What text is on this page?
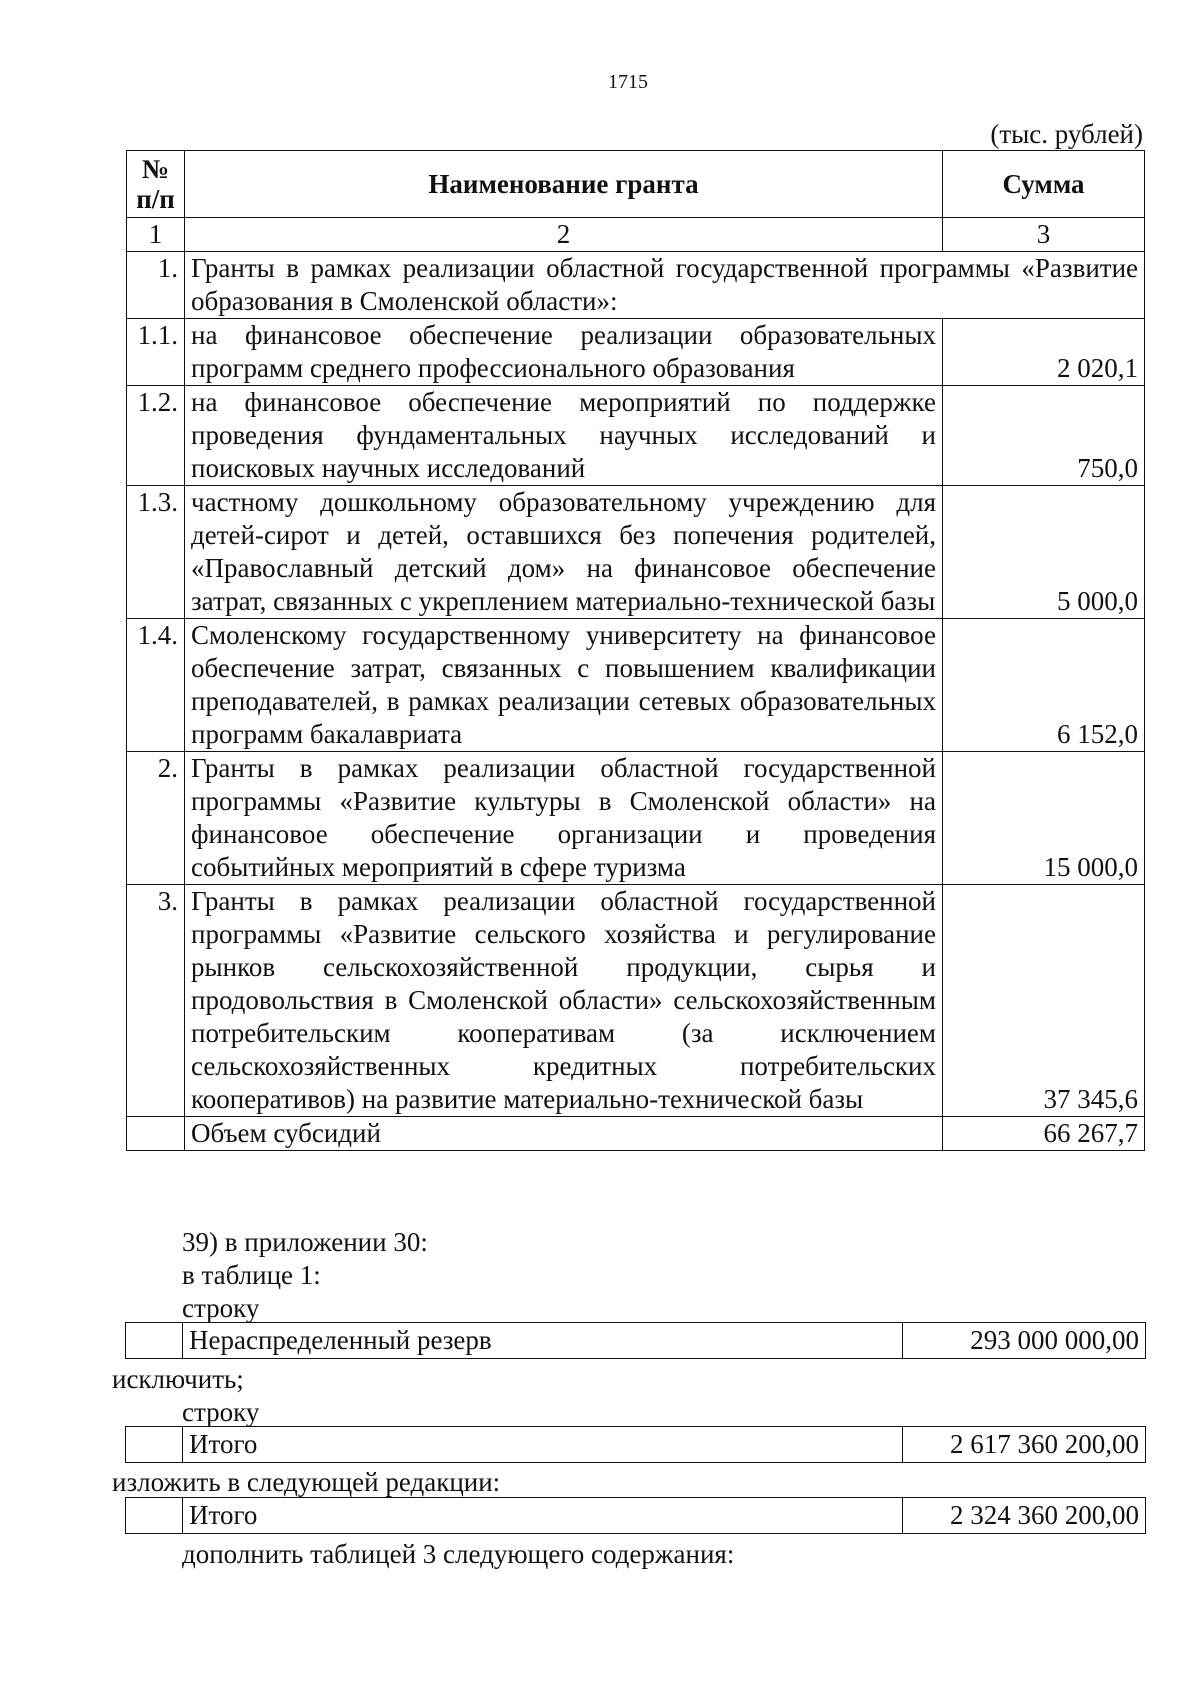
1715
(тыс. рублей)
№ п/п	Наименование гранта	Сумма
1	2	3
1.	Гранты в рамках реализации областной государственной программы «Развитие образования в Смоленской области»:	
1.1.	на финансовое обеспечение реализации образовательных программ среднего профессионального образования	2 020,1
1.2.	на финансовое обеспечение мероприятий по поддержке проведения фундаментальных научных исследований и поисковых научных исследований	750,0
1.3.	частному дошкольному образовательному учреждению для детей-сирот и детей, оставшихся без попечения родителей, «Православный детский дом» на финансовое обеспечение затрат, связанных с укреплением материально-технической базы	5 000,0
1.4.	Смоленскому государственному университету на финансовое обеспечение затрат, связанных с повышением квалификации преподавателей, в рамках реализации сетевых образовательных программ бакалавриата	6 152,0
2.	Гранты в рамках реализации областной государственной программы «Развитие культуры в Смоленской области» на финансовое обеспечение организации и проведения событийных мероприятий в сфере туризма	15 000,0
3.	Гранты в рамках реализации областной государственной программы «Развитие сельского хозяйства и регулирование рынков сельскохозяйственной продукции, сырья и продовольствия в Смоленской области» сельскохозяйственным потребительским кооперативам (за исключением сельскохозяйственных кредитных потребительских кооперативов) на развитие материально-технической базы	37 345,6
	Объем субсидий	66 267,7
39) в приложении 30:
в таблице 1:
строку
	Нераспределенный резерв	293 000 000,00
исключить;
строку
	Итого	2 617 360 200,00
изложить в следующей редакции:
	Итого	2 324 360 200,00
дополнить таблицей 3 следующего содержания:
